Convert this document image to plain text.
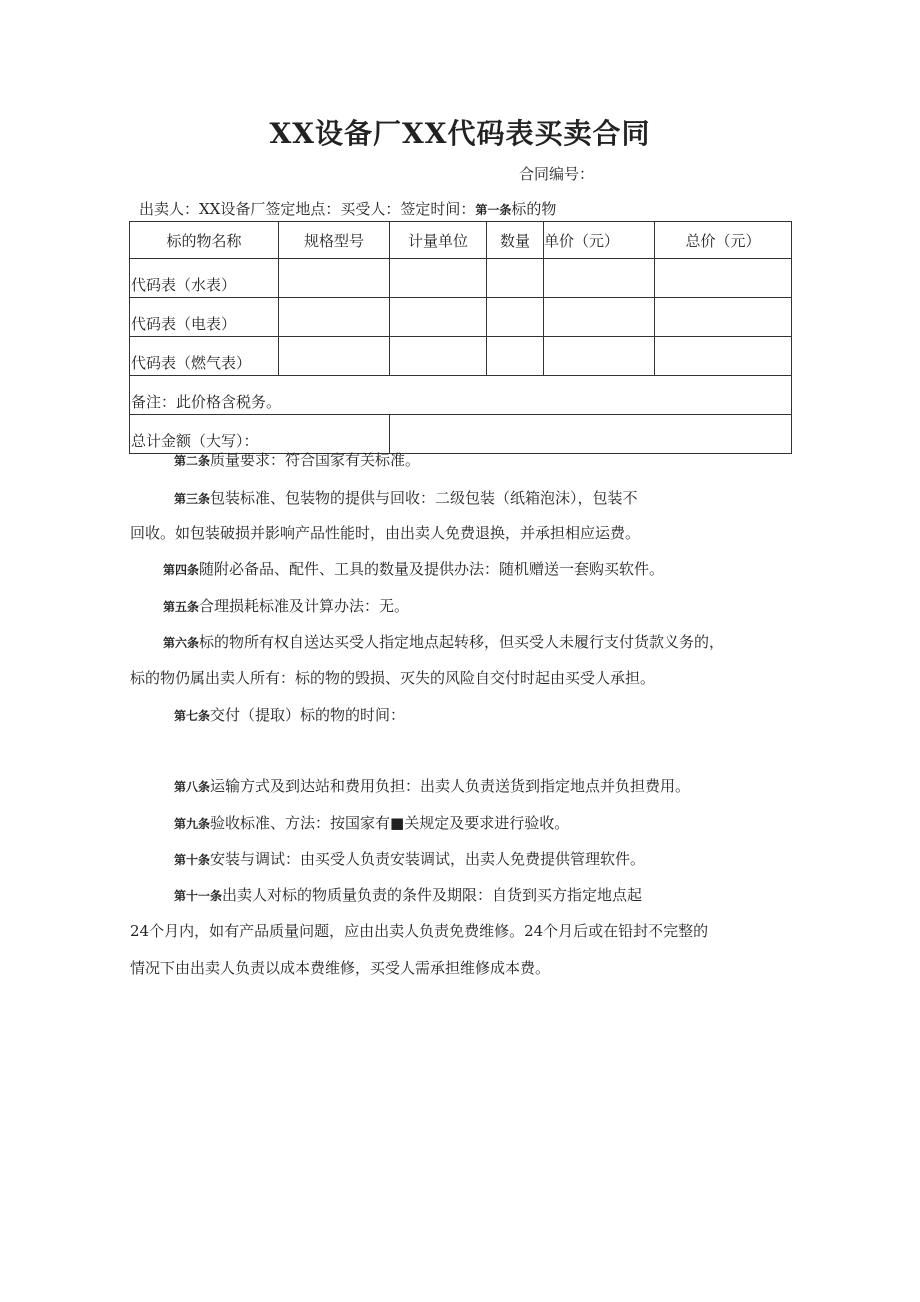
XX设备厂XX代码表买卖合同
合同编号：
出卖人：XX设备厂签定地点：买受人：签定时间：第一条标的物
标的物名称	规格型号	计量单位	数量	单价（元）	总价（元）
代码表（水表）					
代码表（电表）					
代码表（燃气表）					
备注：此价格含税务。					
总计金额（大写）：					
第二条质量要求：符合国家有关标准。
第三条包装标准、包装物的提供与回收：二级包装（纸箱泡沫），包装不
回收。如包装破损并影响产品性能时，由出卖人免费退换，并承担相应运费。
第四条随附必备品、配件、工具的数量及提供办法：随机赠送一套购买软件。
第五条合理损耗标准及计算办法：无。
第六条标的物所有权自送达买受人指定地点起转移，但买受人未履行支付货款义务的，
标的物仍属出卖人所有：标的物的毁损、灭失的风险自交付时起由买受人承担。
第七条交付（提取）标的物的时间：
第八条运输方式及到达站和费用负担：出卖人负责送货到指定地点并负担费用。
第九条验收标准、方法：按国家有■关规定及要求进行验收。
第十条安装与调试：由买受人负责安装调试，出卖人免费提供管理软件。
第十一条出卖人对标的物质量负责的条件及期限：自货到买方指定地点起
24个月内，如有产品质量问题，应由出卖人负责免费维修。24个月后或在铅封不完整的
情况下由出卖人负责以成本费维修，买受人需承担维修成本费。
